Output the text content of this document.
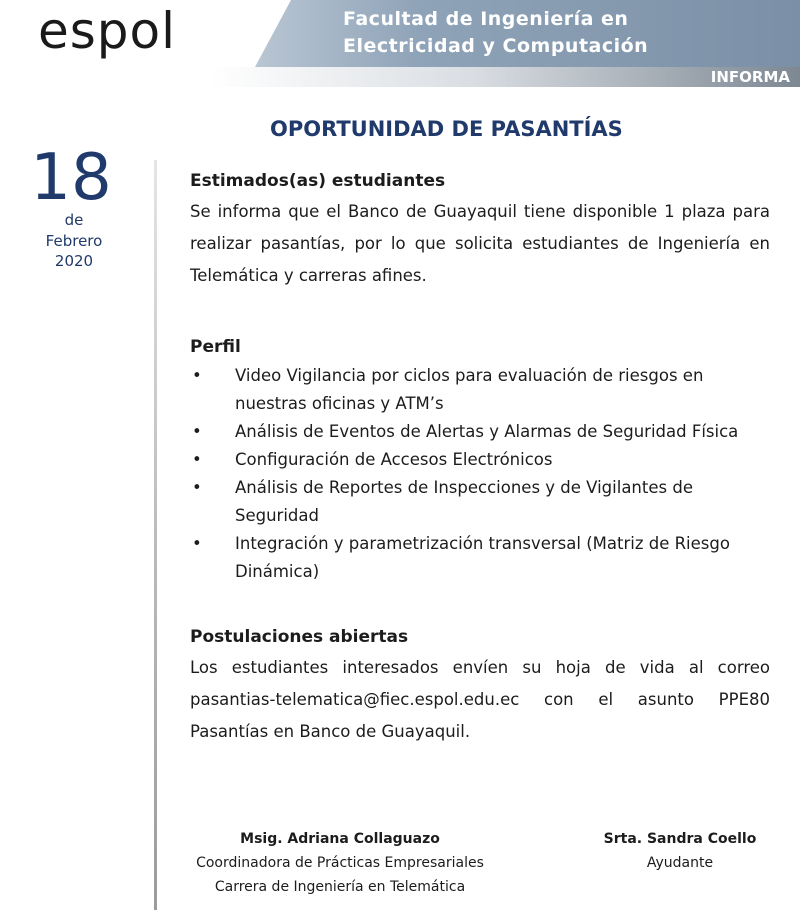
espol	Facultad de Ingeniería en
Electricidad y Computación
INFORMA
OPORTUNIDAD DE PASANTÍAS
18
de
Febrero
2020

Estimados(as) estudiantes

Se informa que el Banco de Guayaquil tiene disponible 1 plaza para realizar pasantías, por lo que solicita estudiantes de Ingeniería en Telemática y carreras afines.

Perfil

• Video Vigilancia por ciclos para evaluación de riesgos en nuestras oficinas y ATM’s
• Análisis de Eventos de Alertas y Alarmas de Seguridad Física
• Configuración de Accesos Electrónicos
• Análisis de Reportes de Inspecciones y de Vigilantes de Seguridad
• Integración y parametrización transversal (Matriz de Riesgo Dinámica)

Postulaciones abiertas

Los estudiantes interesados envíen su hoja de vida al correo pasantias-telematica@fiec.espol.edu.ec con el asunto PPE80 Pasantías en Banco de Guayaquil.

Msig. Adriana Collaguazo
Coordinadora de Prácticas Empresariales
Carrera de Ingeniería en Telemática
Srta. Sandra Coello
Ayudante
